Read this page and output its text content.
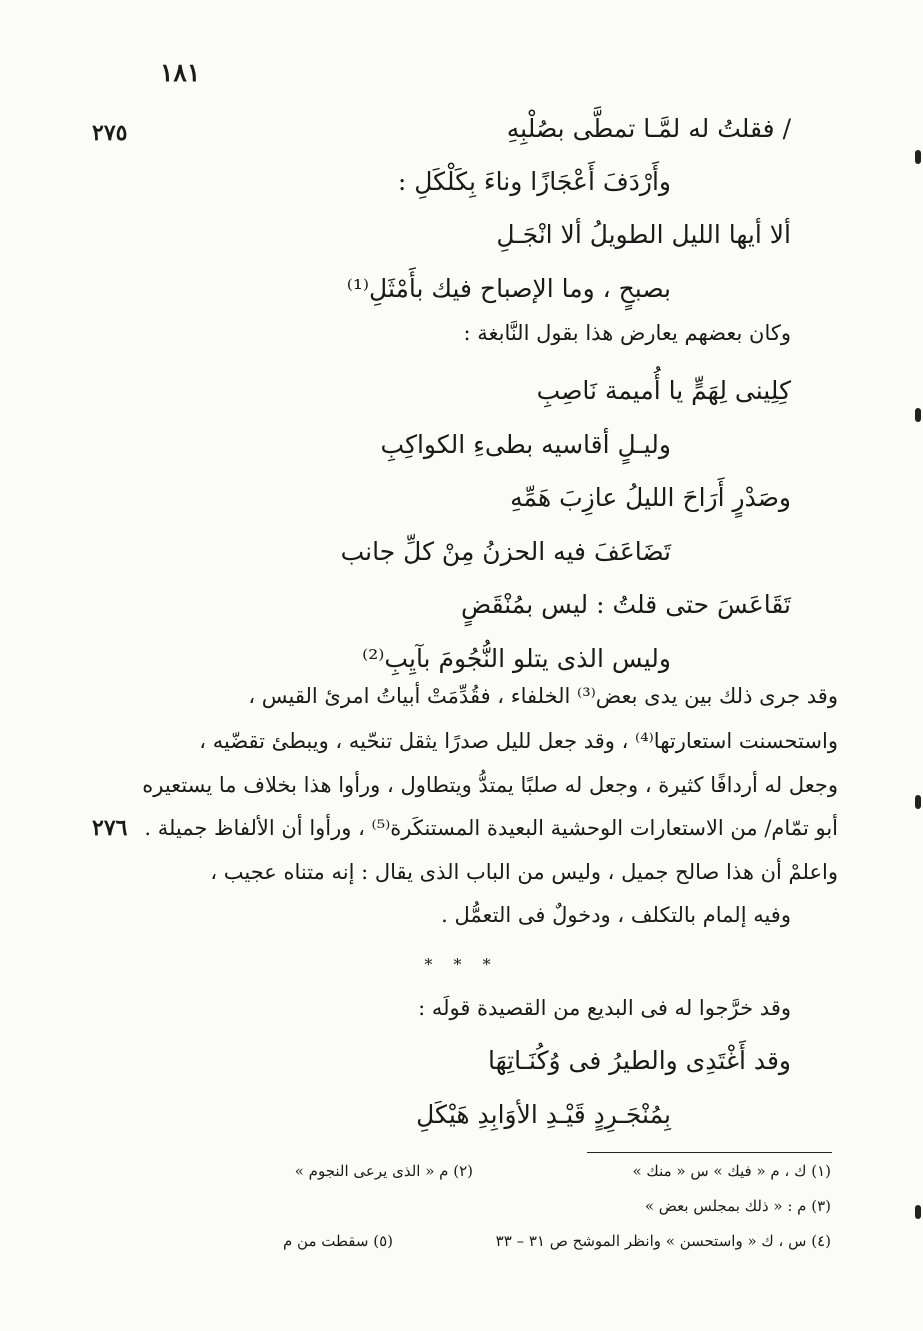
١٨١
٢٧٥
٢٧٦
/ فقلتُ له لمَّـا تمطَّى بصُلْبِهِ
وأَرْدَفَ أَعْجَازًا وناءَ بِكَلْكَلِ :
ألا أيها الليل الطويلُ ألا انْجَـلِ
بصبحٍ ، وما الإصباح فيك بأَمْثَلِ⁽¹⁾
وكان بعضهم يعارض هذا بقول النَّابغة :
كِلِينى لِهَمٍّ يا أُميمة نَاصِبِ
وليـلٍ أقاسيه بطىءِ الكواكِبِ
وصَدْرٍ أَرَاحَ الليلُ عازِبَ هَمِّهِ
تَضَاعَفَ فيه الحزنُ مِنْ كلِّ جانب
تَقَاعَسَ حتى قلتُ : ليس بمُنْقَضٍ
وليس الذى يتلو النُّجُومَ بآيِبِ⁽²⁾
وقد جرى ذلك بين يدى بعض⁽³⁾ الخلفاء ، فقُدِّمَتْ أبياتُ امرئ القيس ،
واستحسنت استعارتها⁽⁴⁾ ، وقد جعل لليل صدرًا يثقل تنحّيه ، ويبطئ تقضّيه ،
وجعل له أردافًا كثيرة ، وجعل له صلبًا يمتدُّ ويتطاول ، ورأوا هذا بخلاف ما يستعيره
أبو تمّام/ من الاستعارات الوحشية البعيدة المستنكَرة⁽⁵⁾ ، ورأوا أن الألفاظ جميلة .
واعلمْ أن هذا صالح جميل ، وليس من الباب الذى يقال : إنه متناه عجيب ،
وفيه إلمام بالتكلف ، ودخولٌ فى التعمُّل .
* * *
وقد خرَّجوا له فى البديع من القصيدة قولَه :
وقد أَغْتَدِى والطيرُ فى وُكُنَـاتِهَا
بِمُنْجَـرِدٍ قَيْـدِ الأوَابِدِ هَيْكَلِ
(١) ك ، م « فيك » س « منك »
(٢) م « الذى يرعى النجوم »
(٣) م : « ذلك بمجلس بعض »
(٤) س ، ك « واستحسن » وانظر الموشح ص ٣١ – ٣٣
(٥) سقطت من م
